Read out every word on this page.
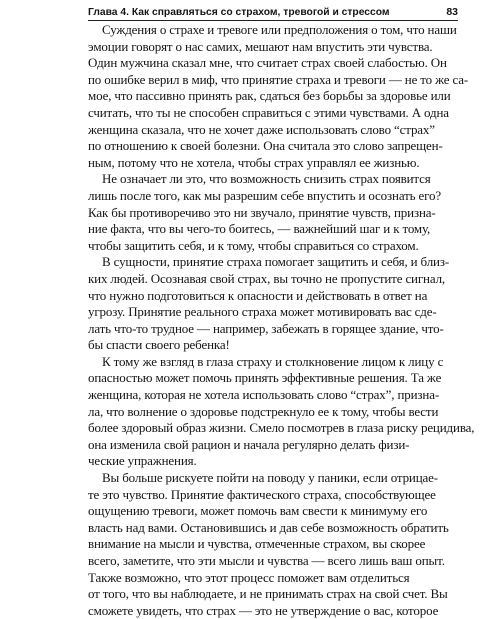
Глава 4. Как справляться со страхом, тревогой и стрессом	83
Суждения о страхе и тревоге или предположения о том, что наши
эмоции говорят о нас самих, мешают нам впустить эти чувства.
Один мужчина сказал мне, что считает страх своей слабостью. Он
по ошибке верил в миф, что принятие страха и тревоги — не то же са-
мое, что пассивно принять рак, сдаться без борьбы за здоровье или
считать, что ты не способен справиться с этими чувствами. А одна
женщина сказала, что не хочет даже использовать слово “страх”
по отношению к своей болезни. Она считала это слово запрещен-
ным, потому что не хотела, чтобы страх управлял ее жизнью.
Не означает ли это, что возможность снизить страх появится
лишь после того, как мы разрешим себе впустить и осознать его?
Как бы противоречиво это ни звучало, принятие чувств, призна-
ние факта, что вы чего-то боитесь, — важнейший шаг и к тому,
чтобы защитить себя, и к тому, чтобы справиться со страхом.
В сущности, принятие страха помогает защитить и себя, и близ-
ких людей. Осознавая свой страх, вы точно не пропустите сигнал,
что нужно подготовиться к опасности и действовать в ответ на
угрозу. Принятие реального страха может мотивировать вас сде-
лать что-то трудное — например, забежать в горящее здание, что-
бы спасти своего ребенка!
К тому же взгляд в глаза страху и столкновение лицом к лицу с
опасностью может помочь принять эффективные решения. Та же
женщина, которая не хотела использовать слово “страх”, призна-
ла, что волнение о здоровье подстрекнуло ее к тому, чтобы вести
более здоровый образ жизни. Смело посмотрев в глаза риску рецидива,
она изменила свой рацион и начала регулярно делать физи-
ческие упражнения.
Вы больше рискуете пойти на поводу у паники, если отрицае-
те это чувство. Принятие фактического страха, способствующее
ощущению тревоги, может помочь вам свести к минимуму его
власть над вами. Остановившись и дав себе возможность обратить
внимание на мысли и чувства, отмеченные страхом, вы скорее
всего, заметите, что эти мысли и чувства — всего лишь ваш опыт.
Также возможно, что этот процесс поможет вам отделиться
от того, что вы наблюдаете, и не принимать страх на свой счет. Вы
сможете увидеть, что страх — это не утверждение о вас, которое
